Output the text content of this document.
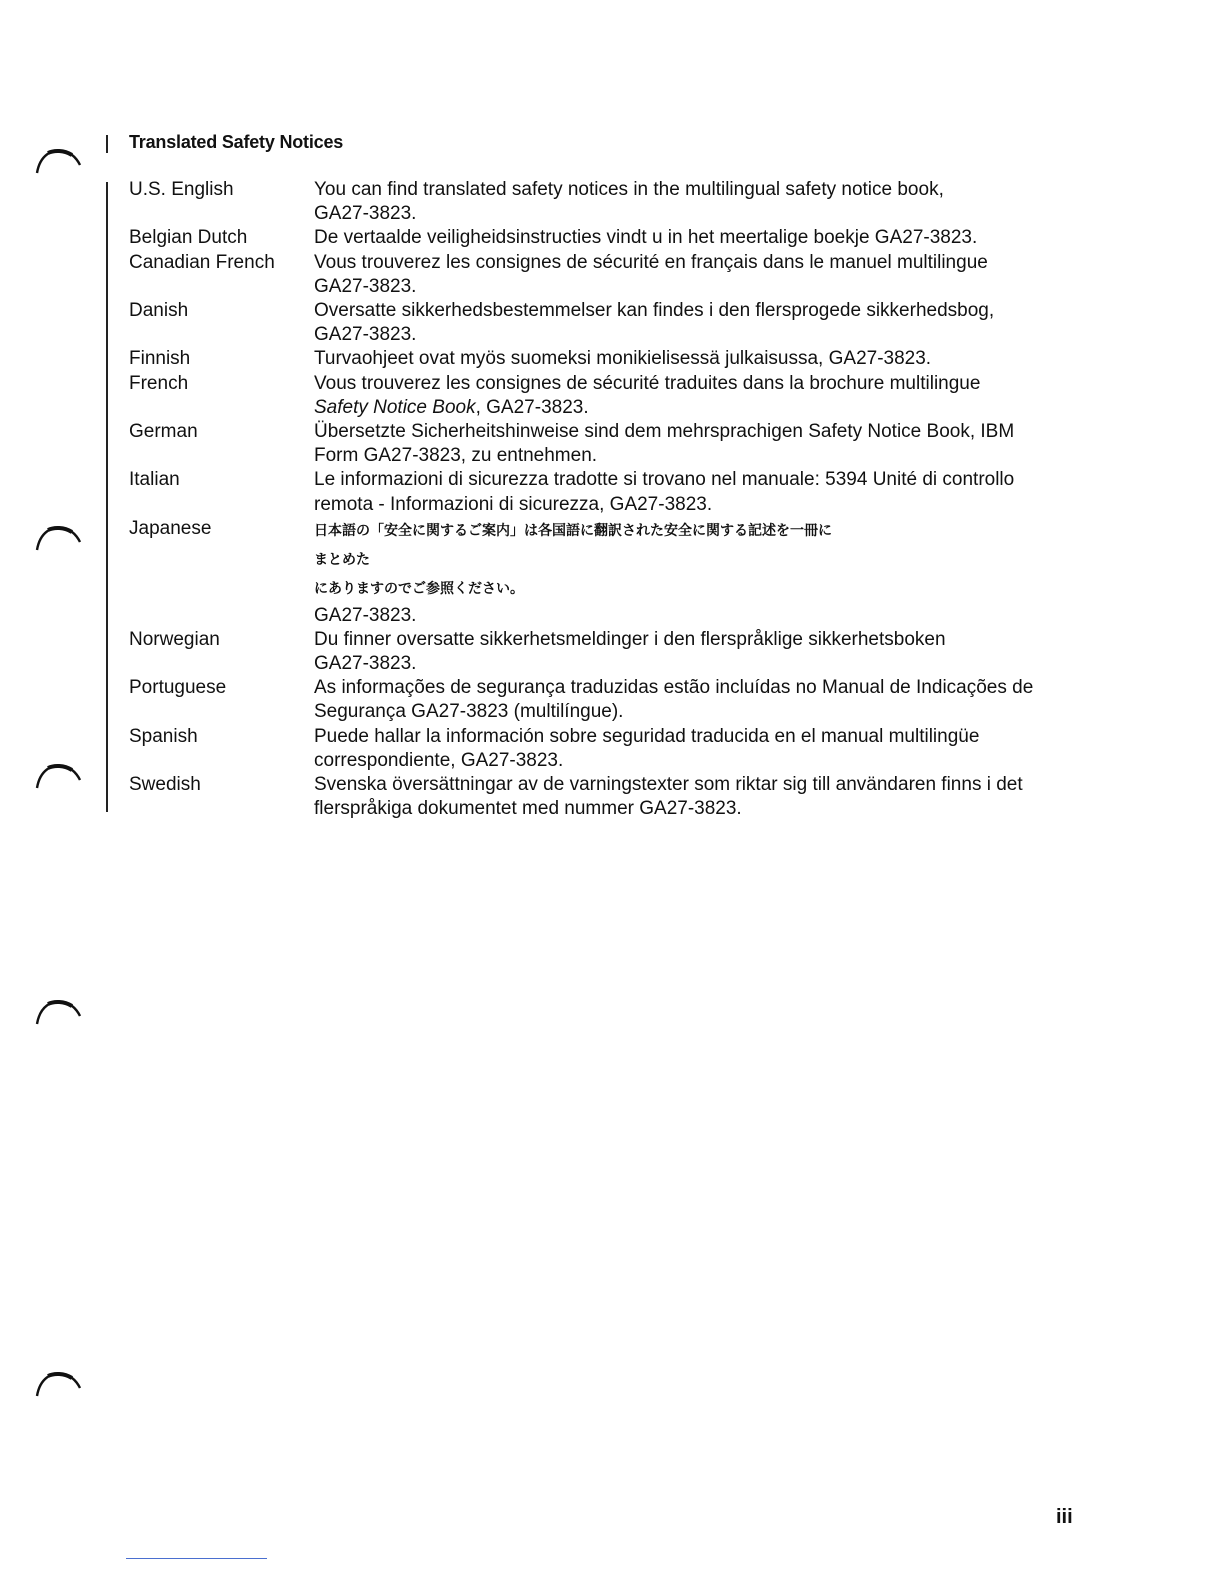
Translated Safety Notices
U.S. English	You can find translated safety notices in the multilingual safety notice book,
GA27-3823.
Belgian Dutch	De vertaalde veiligheidsinstructies vindt u in het meertalige boekje GA27-3823.
Canadian French	Vous trouverez les consignes de sécurité en français dans le manuel multilingue
GA27-3823.
Danish	Oversatte sikkerhedsbestemmelser kan findes i den flersprogede sikkerhedsbog,
GA27-3823.
Finnish	Turvaohjeet ovat myös suomeksi monikielisessä julkaisussa, GA27-3823.
French	Vous trouverez les consignes de sécurité traduites dans la brochure multilingue
Safety Notice Book, GA27-3823.
German	Übersetzte Sicherheitshinweise sind dem mehrsprachigen Safety Notice Book, IBM
Form GA27-3823, zu entnehmen.
Italian	Le informazioni di sicurezza tradotte si trovano nel manuale: 5394 Unité di controllo
remota - Informazioni di sicurezza, GA27-3823.
Japanese	日本語の「安全に関するご案内」は各国語に翻訳された安全に関する記述を一冊に
まとめた
にありますのでご参照ください。
GA27-3823.
Norwegian	Du finner oversatte sikkerhetsmeldinger i den flerspråklige sikkerhetsboken
GA27-3823.
Portuguese	As informações de segurança traduzidas estão incluídas no Manual de Indicações de
Segurança GA27-3823 (multilíngue).
Spanish	Puede hallar la información sobre seguridad traducida en el manual multilingüe
correspondiente, GA27-3823.
Swedish	Svenska översättningar av de varningstexter som riktar sig till användaren finns i det
flerspråkiga dokumentet med nummer GA27-3823.
iii
